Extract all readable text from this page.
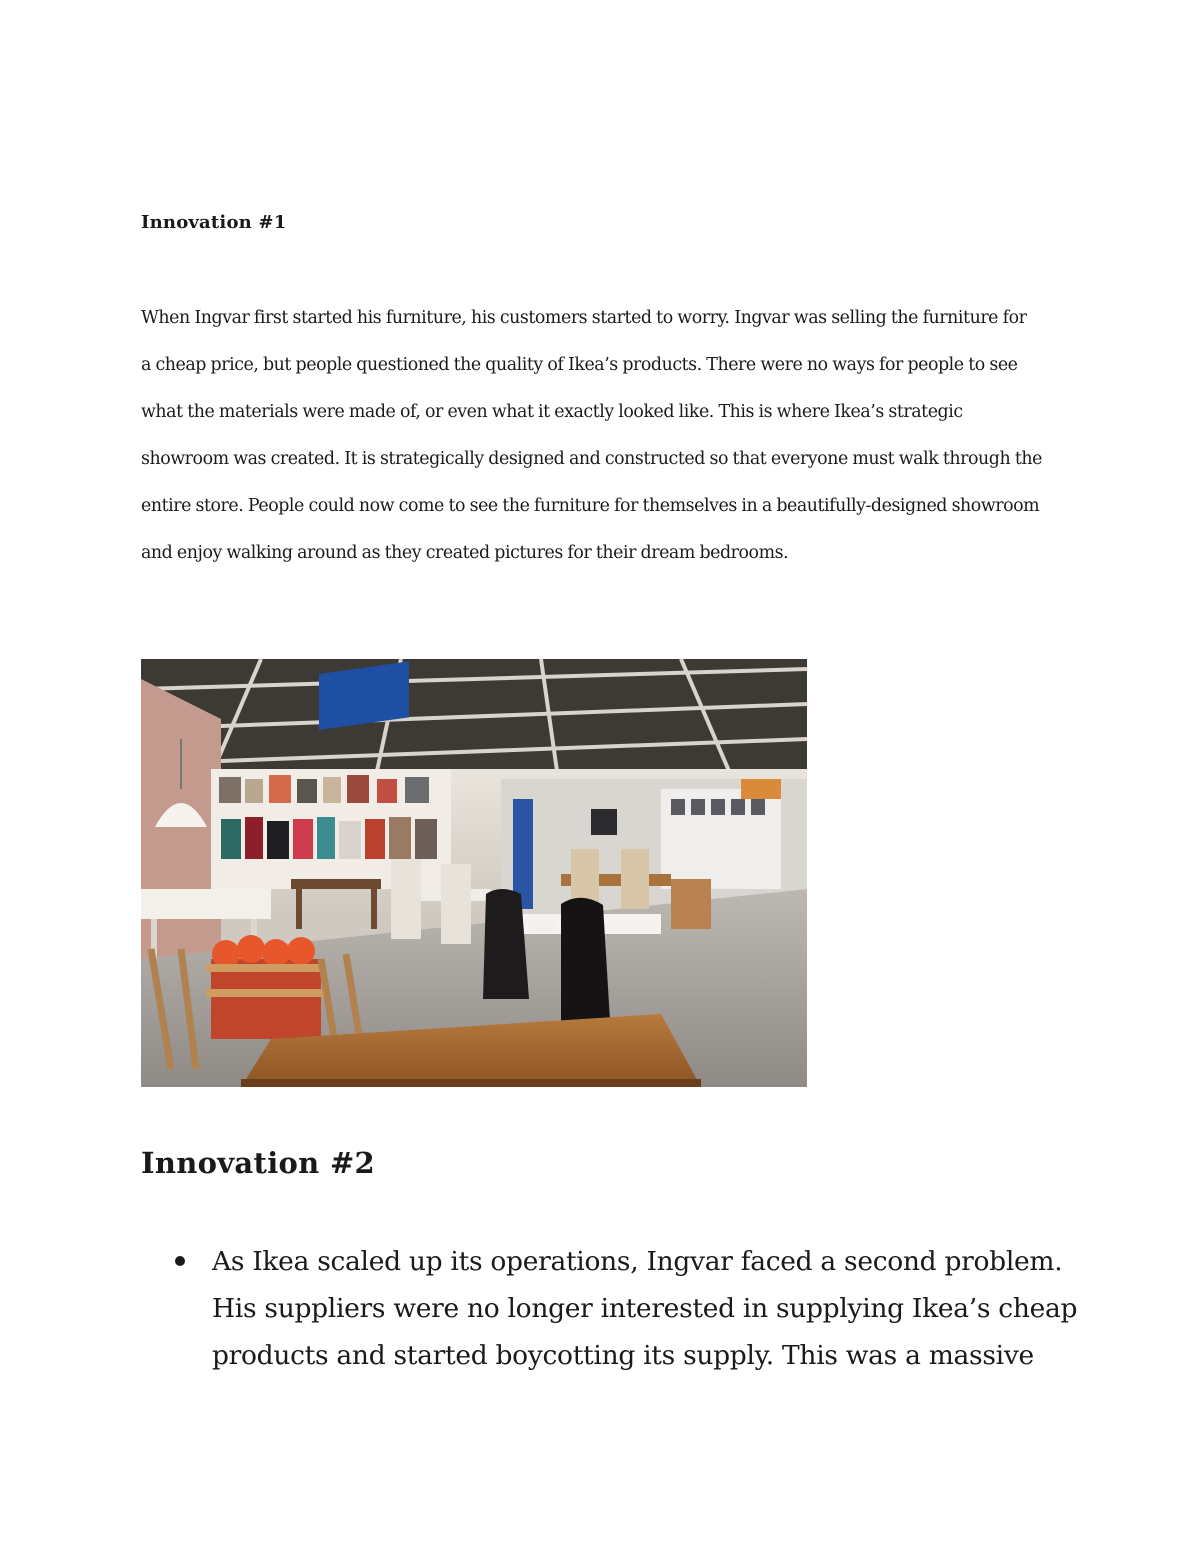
Innovation #1

When Ingvar first started his furniture, his customers started to worry. Ingvar was selling the furniture for
a cheap price, but people questioned the quality of Ikea’s products. There were no ways for people to see
what the materials were made of, or even what it exactly looked like. This is where Ikea’s strategic
showroom was created. It is strategically designed and constructed so that everyone must walk through the
entire store. People could now come to see the furniture for themselves in a beautifully-designed showroom
and enjoy walking around as they created pictures for their dream bedrooms.

Innovation #2
As Ikea scaled up its operations, Ingvar faced a second problem.
His suppliers were no longer interested in supplying Ikea’s cheap
products and started boycotting its supply. This was a massive
